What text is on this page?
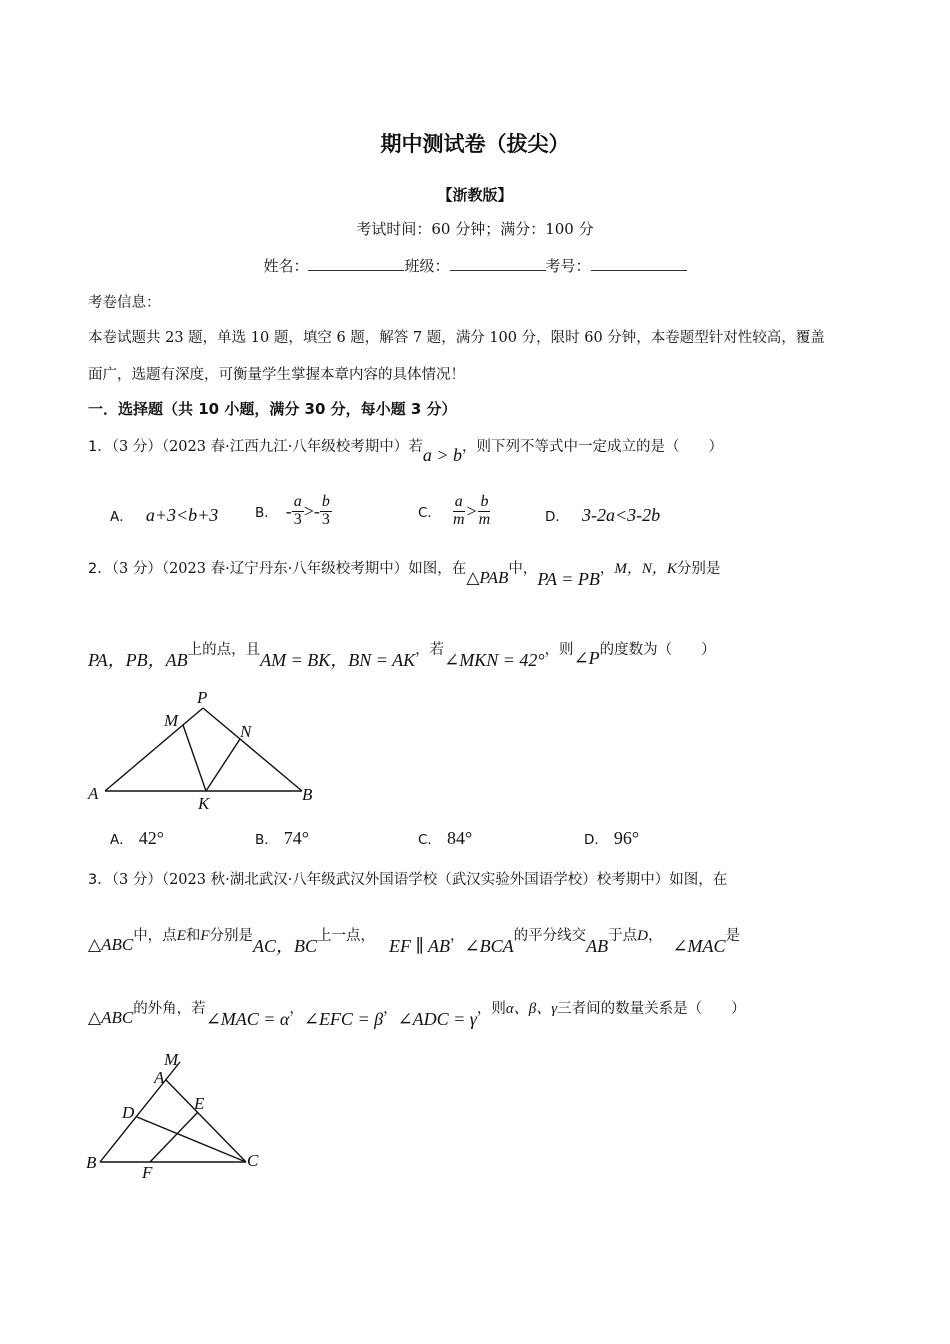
期中测试卷（拔尖）
【浙教版】
考试时间：60 分钟；满分：100 分
姓名：	班级：	考号：
考卷信息：
本卷试题共 23 题，单选 10 题，填空 6 题，解答 7 题，满分 100 分，限时 60 分钟，本卷题型针对性较高，覆盖
面广，选题有深度，可衡量学生掌握本章内容的具体情况！
一．选择题（共 10 小题，满分 30 分，每小题 3 分）
1．（3 分）（2023 春·江西九江·八年级校考期中）若a > b，则下列不等式中一定成立的是（　　）
A． a+3<b+3	B． - $\frac{a}{3} >- \frac{b}{3}$	C． $\frac{a}{m} > \frac{b}{m}$	D． 3-2a<3-2b
2．（3 分）（2023 春·辽宁丹东·八年级校考期中）如图，在△PAB中，PA = PB，M，N，K分别是
PA，PB，AB上的点，且AM = BK，BN = AK，若∠MKN = 42°，则∠P的度数为（　　）
P
M
N
A
K	B
A． 42°	B． 74°	C． 84°	D． 96°
3．（3 分）（2023 秋·湖北武汉·八年级武汉外国语学校（武汉实验外国语学校）校考期中）如图，在
△ABC中，点E和F分别是AC，BC上一点， EF ∥ AB，∠BCA的平分线交AB于点D， ∠MAC是
△ABC的外角，若∠MAC = α，∠EFC = β，∠ADC = γ，则α、β、γ三者间的数量关系是（　　）
M
A
D	E
B
F
C
